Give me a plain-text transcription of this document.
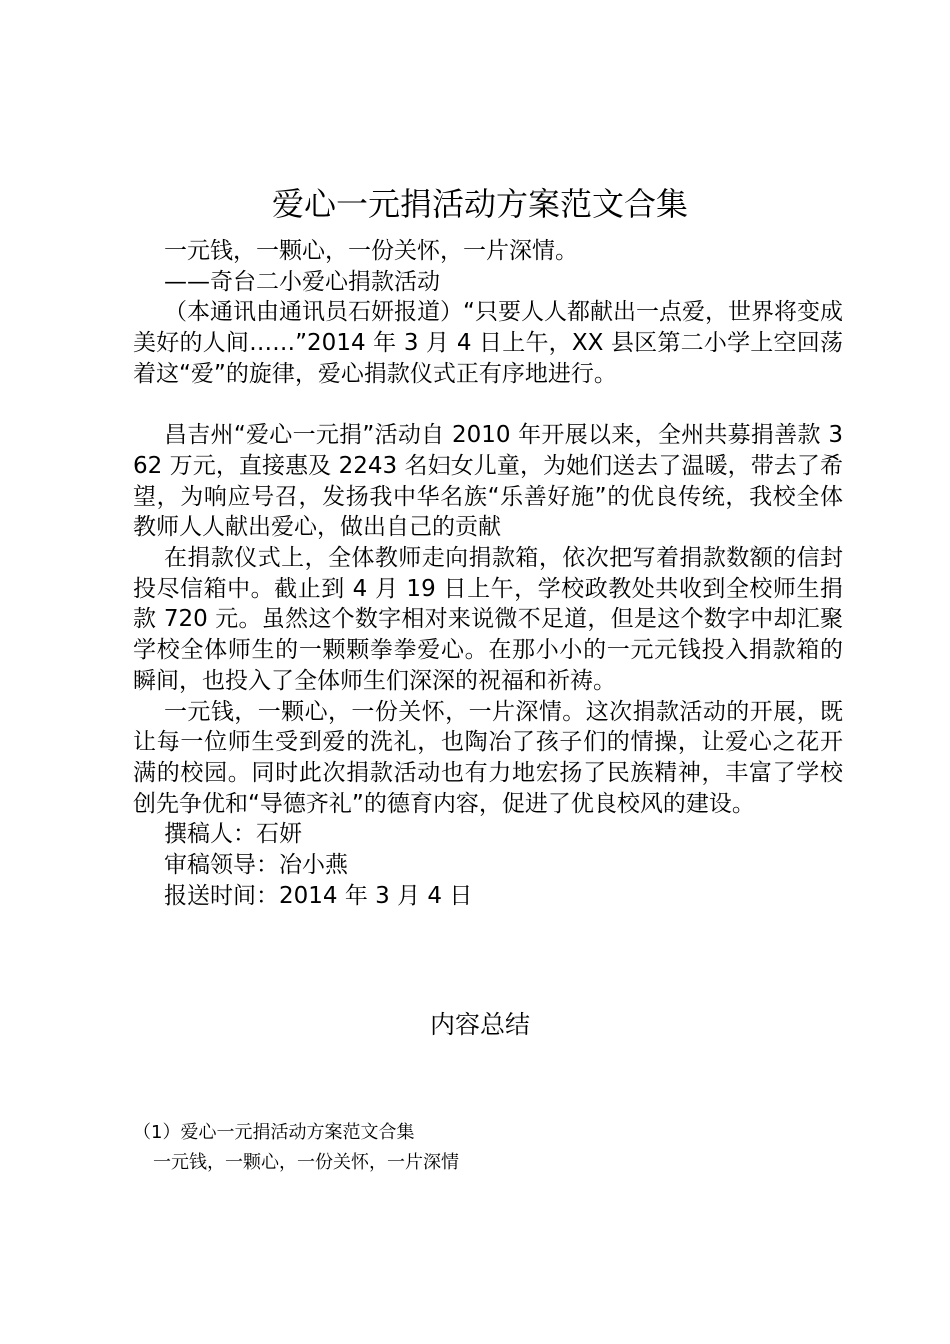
爱心一元捐活动方案范文合集

一元钱，一颗心，一份关怀，一片深情。

——奇台二小爱心捐款活动

（本通讯由通讯员石妍报道）“只要人人都献出一点爱，世界将变成美好的人间……”2014 年 3 月 4 日上午，XX 县区第二小学上空回荡着这“爱”的旋律，爱心捐款仪式正有序地进行。

昌吉州“爱心一元捐”活动自 2010 年开展以来，全州共募捐善款 362 万元，直接惠及 2243 名妇女儿童，为她们送去了温暖，带去了希望，为响应号召，发扬我中华名族“乐善好施”的优良传统，我校全体教师人人献出爱心，做出自己的贡献

在捐款仪式上，全体教师走向捐款箱，依次把写着捐款数额的信封投尽信箱中。截止到 4 月 19 日上午，学校政教处共收到全校师生捐款 720 元。虽然这个数字相对来说微不足道，但是这个数字中却汇聚学校全体师生的一颗颗拳拳爱心。在那小小的一元元钱投入捐款箱的瞬间，也投入了全体师生们深深的祝福和祈祷。

一元钱，一颗心，一份关怀，一片深情。这次捐款活动的开展，既让每一位师生受到爱的洗礼，也陶冶了孩子们的情操，让爱心之花开满的校园。同时此次捐款活动也有力地宏扬了民族精神，丰富了学校创先争优和“导德齐礼”的德育内容，促进了优良校风的建设。

撰稿人：石妍

审稿领导：冶小燕

报送时间：2014 年 3 月 4 日

内容总结
（1）爱心一元捐活动方案范文合集
一元钱，一颗心，一份关怀，一片深情
